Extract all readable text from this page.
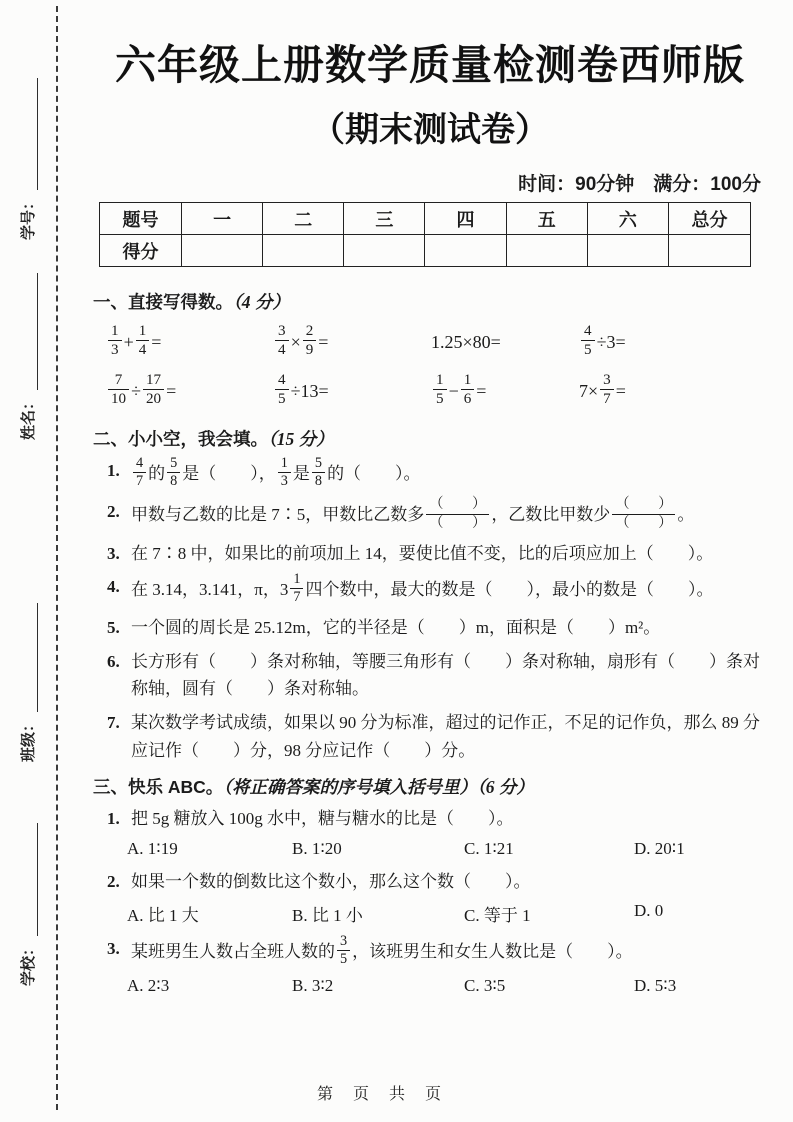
学号：
姓名：
班级：
学校：
六年级上册数学质量检测卷西师版
（期末测试卷）
时间：90分钟　满分：100分
题号	一	二	三	四	五	六	总分
得分							
一、直接写得数。（4 分）
$\frac{1}{3} + \frac{1}{4}$ =	$\frac{3}{4} \times \frac{2}{9}$ =	1.25×80=	$\frac{4}{5} \div 3=$
$\frac{7}{10} \div \frac{17}{20}$ =	$\frac{4}{5} \div 13=$	$\frac{1}{5} - \frac{1}{6}$ =	$7\times \frac{3}{7}$ =
二、小小空，我会填。（15 分）
1. $\frac{4}{7}$ 的 $\frac{5}{8}$ 是（　　）， $\frac{1}{3}$ 是 $\frac{5}{8}$ 的（　　）。
2. 甲数与乙数的比是 7∶5，甲数比乙数多 $\frac{( )}{( )}$ ，乙数比甲数少 $\frac{( )}{( )}$ 。
3. 在 7∶8 中，如果比的前项加上 14，要使比值不变，比的后项应加上（　　）。
4. 在 3.14，3.141，π，$3 \frac{1}{7}$ 四个数中，最大的数是（　　），最小的数是（　　）。
5. 一个圆的周长是 25.12m，它的半径是（　　）m，面积是（　　）m²。
6. 长方形有（　　）条对称轴，等腰三角形有（　　）条对称轴，扇形有（　　）条对称轴，圆有（　　）条对称轴。
7. 某次数学考试成绩，如果以 90 分为标准，超过的记作正，不足的记作负，那么 89 分应记作（　　）分，98 分应记作（　　）分。
三、快乐 ABC。（将正确答案的序号填入括号里）（6 分）
1. 把 5g 糖放入 100g 水中，糖与糖水的比是（　　）。
A. 1∶19	B. 1∶20	C. 1∶21	D. 20∶1
2. 如果一个数的倒数比这个数小，那么这个数（　　）。
A. 比 1 大	B. 比 1 小	C. 等于 1	D. 0
3. 某班男生人数占全班人数的 $\frac{3}{5}$ ，该班男生和女生人数比是（　　）。
A. 2∶3	B. 3∶2	C. 3∶5	D. 5∶3
第　页　共　页
